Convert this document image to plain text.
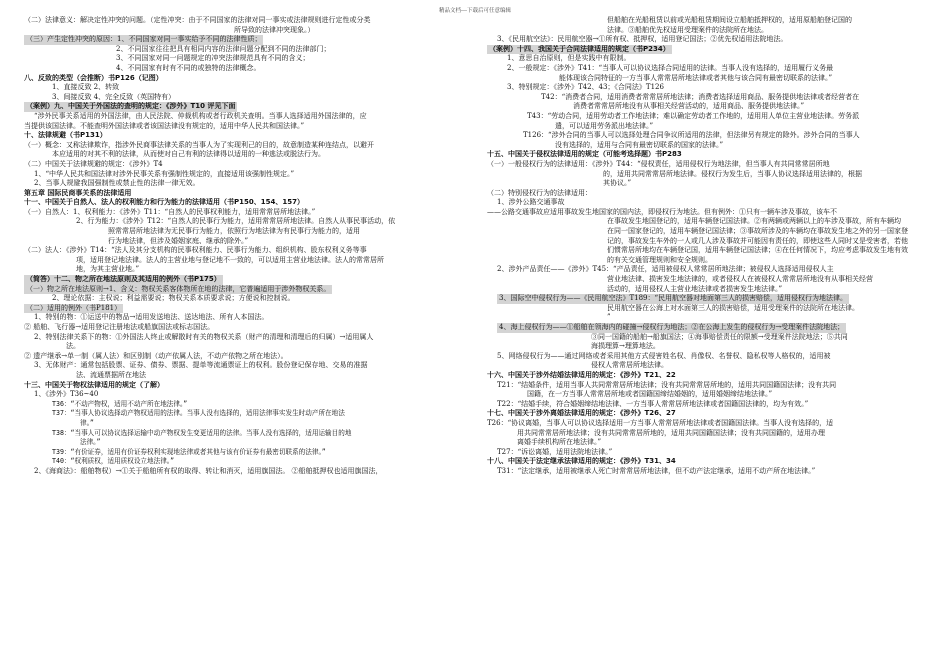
精品文档---下载后可任意编辑
（二）法律意义：解决定性冲突的问题。（定性冲突：由于不同国家的法律对同一事实或法律规则进行定性或分类
所导致的法律冲突现象。）
（三）产生定性冲突的原因：1、不同国家对同一事实给予不同的法律性质；
2、不同国家往往把具有相同内容的法律问题分配到不同的法律部门；
3、不同国家对同一问题规定的冲突法律规范具有不同的含义；
4、不同国家有时有不同的或独特的法律概念。
八、反致的类型（会推断）书P126（记图）
1、直接反致 2、转致
3、间接反致 4、完全反致（英国特有）
（案例）九、中国关于外国法的查明的规定：《涉外》T10 评见下面
“涉外民事关系适用的外国法律，由人民法院、仲裁机构或者行政机关查明。当事人选择适用外国法律的，应
当提供该国法律。不能查明外国法律或者该国法律没有规定的，适用中华人民共和国法律。”
十、法律规避（书P131）
（一）概念：又称法律欺诈，指涉外民商事法律关系的当事人为了实现利己的目的，故意制造某种连结点，以避开
本应适用的对其不利的法律，从而使对自己有利的法律得以适用的一种逃法或脱法行为。
（二）中国关于法律规避的规定：《涉外》T4
1、“中华人民共和国法律对涉外民事关系有强制性规定的，直接适用该强制性规定。”
2、当事人规避我国强制性或禁止性的法律一律无效。
第五章 国际民商事关系的法律适用
十一、中国关于自然人、法人的权利能力和行为能力的法律适用（书P150、154、157）
（一）自然人：1、权利能力：《涉外》T11：“自然人的民事权利能力，适用常常居所地法律。”
2、行为能力：《涉外》T12：“自然人的民事行为能力，适用常常居所地法律。自然人从事民事活动，依
照常常居所地法律为无民事行为能力，依照行为地法律为有民事行为能力的，适用
行为地法律，但涉及婚姻家庭、继承的除外。”
（二）法人：《涉外》T14：“法人及其分支机构的民事权利能力、民事行为能力、组织机构、股东权利义务等事
项，适用登记地法律。法人的主营业地与登记地不一致的，可以适用主营业地法律。法人的常常居所
地，为其主营业地。”
（简答）十二、物之所在地法原则及其适用的例外（书P175）
（一）物之所在地法原则→1、含义：物权关系客体物所在地的法律，它普遍适用于涉外物权关系。
2、理论依据：主权说；利益需要说；物权关系本质要求说；方便说和控制说。
（二）适用的例外（书P181）
1、特别的物：①运送中的物品→适用发送地法、送达地法、所有人本国法。
② 船舶、飞行器→适用登记注册地法或船旗国法或标志国法。
2、特别法律关系下的物：①外国法人终止或解散时有关的物权关系（财产的清理和清理后的归属）→适用属人
法。
② 遗产继承→单一制（属人法）和区别制（动产依属人法，不动产依物之所在地法）。
3、无体财产：通常包括股票、证券、债券、票据、提单等流通票证上的权利。股份登记保存地、交易的准据
法、流通票据所在地法
十三、中国关于物权法律适用的规定（了解）
1、《涉外》T36~40
T36：“不动产物权，适用不动产所在地法律。”
T37：“当事人协议选择动产物权适用的法律。当事人没有选择的，适用法律事实发生时动产所在地法
律。”
T38：“当事人可以协议选择运输中动产物权发生变更适用的法律。当事人没有选择的，适用运输目的地
法律。”
T39：“有价证券，适用有价证券权利实现地法律或者其他与该有价证券有最密切联系的法律。”
T40：“权利质权，适用质权设立地法律。”
2、《海商法》：船舶物权）→①关于船舶所有权的取得、转让和消灭，适用旗国法。 ②船舶抵押权也适用旗国法，
但船舶在光船租赁以前或光船租赁期间设立船舶抵押权的，适用原船舶登记国的
法律。③船舶优先权适用受理案件的法院所在地法。
3、《民用航空法》：民用航空器→①所有权、抵押权，适用登记国法；②优先权适用法院地法。
（案例）十四、我国关于合同法律适用的规定（书P234）
1、意思自治原则，但是实践中有限制。
2、一般规定：《涉外》T41：“当事人可以协议选择合同适用的法律。当事人没有选择的，适用履行义务最
能体现该合同特征的一方当事人常常居所地法律或者其他与该合同有最密切联系的法律。”
3、特别规定：《涉外》T42、43；《合同法》T126
T42：“消费者合同，适用消费者常常居所地法律；消费者选择适用商品、服务提供地法律或者经营者在
消费者常常居所地没有从事相关经营活动的，适用商品、服务提供地法律。”
T43：“劳动合同，适用劳动者工作地法律；难以确定劳动者工作地的，适用用人单位主营业地法律。劳务派
遣，可以适用劳务派出地法律。”
T126：“涉外合同的当事人可以选择处理合同争议所适用的法律，但法律另有规定的除外。涉外合同的当事人
没有选择的，适用与合同有最密切联系的国家的法律。”
十五、中国关于侵权法律适用的规定（可能考选择题）书P283
（一）一般侵权行为的法律适用：《涉外》T44：“侵权责任，适用侵权行为地法律，但当事人有共同常常居所地
的，适用共同常常居所地法律。侵权行为发生后，当事人协议选择适用法律的，根据
其协议。”
（二）特别侵权行为的法律适用：
1、涉外公路交通事故
——公路交通事故应适用事故发生地国家的国内法，即侵权行为地法。但有例外：①只有一辆车涉及事故，该车不
在事故发生地国登记的，适用车辆登记国法律。②有两辆或两辆以上的车涉及事故，所有车辆均
在同一国家登记的，适用车辆登记国法律；③事故所涉及的车辆均在事故发生地之外的另一国家登
记的，事故发生车外的一人或几人涉及事故并可能因有责任的，即使这些人同时又是受害者，若他
们惯常居所地均在车辆登记国，适用车辆登记国法律；④在任何情况下，均应考虑事故发生地有效
的有关交通管理规则和安全规则。
2、涉外产品责任——《涉外》T45：“产品责任，适用被侵权人常常居所地法律；被侵权人选择适用侵权人主
营业地法律、损害发生地法律的，或者侵权人在被侵权人常常居所地没有从事相关经营
活动的，适用侵权人主营业地法律或者损害发生地法律。”
3、国际空中侵权行为——《民用航空法》T189：“民用航空器对地面第三人的损害赔偿，适用侵权行为地法律。
民用航空器在公海上对水面第三人的损害赔偿，适用受理案件的法院所在地法律。
”
4、海上侵权行为——①船舶在领海内的碰撞→侵权行为地法；②在公海上发生的侵权行为→受理案件法院地法；
③同一国籍的船舶→船旗国法；④海事赔偿责任的限额→受理案件法院地法；⑤共同
海损理算→理算地法。
5、网络侵权行为——通过网络或者采用其他方式侵害姓名权、肖像权、名誉权、隐私权等人格权的，适用被
侵权人常常居所地法律。
十六、中国关于涉外结婚法律适用的规定：《涉外》T21、22
T21：“结婚条件，适用当事人共同常常居所地法律；没有共同常常居所地的，适用共同国籍国法律；没有共同
国籍，在一方当事人常常居所地或者国籍国缔结婚姻的，适用婚姻缔结地法律。”
T22：“结婚手续，符合婚姻缔结地法律、一方当事人常常居所地法律或者国籍国法律的，均为有效。”
十七、中国关于涉外离婚法律适用的规定：《涉外》T26、27
T26：“协议离婚，当事人可以协议选择适用一方当事人常常居所地法律或者国籍国法律。当事人没有选择的，适
用共同常常居所地法律；没有共同常常居所地的，适用共同国籍国法律；没有共同国籍的，适用办理
离婚手续机构所在地法律。”
T27：“诉讼离婚，适用法院地法律。”
十八、中国关于法定继承法律适用的规定：《涉外》T31、34
T31：“法定继承，适用被继承人死亡时常常居所地法律，但不动产法定继承，适用不动产所在地法律。”
